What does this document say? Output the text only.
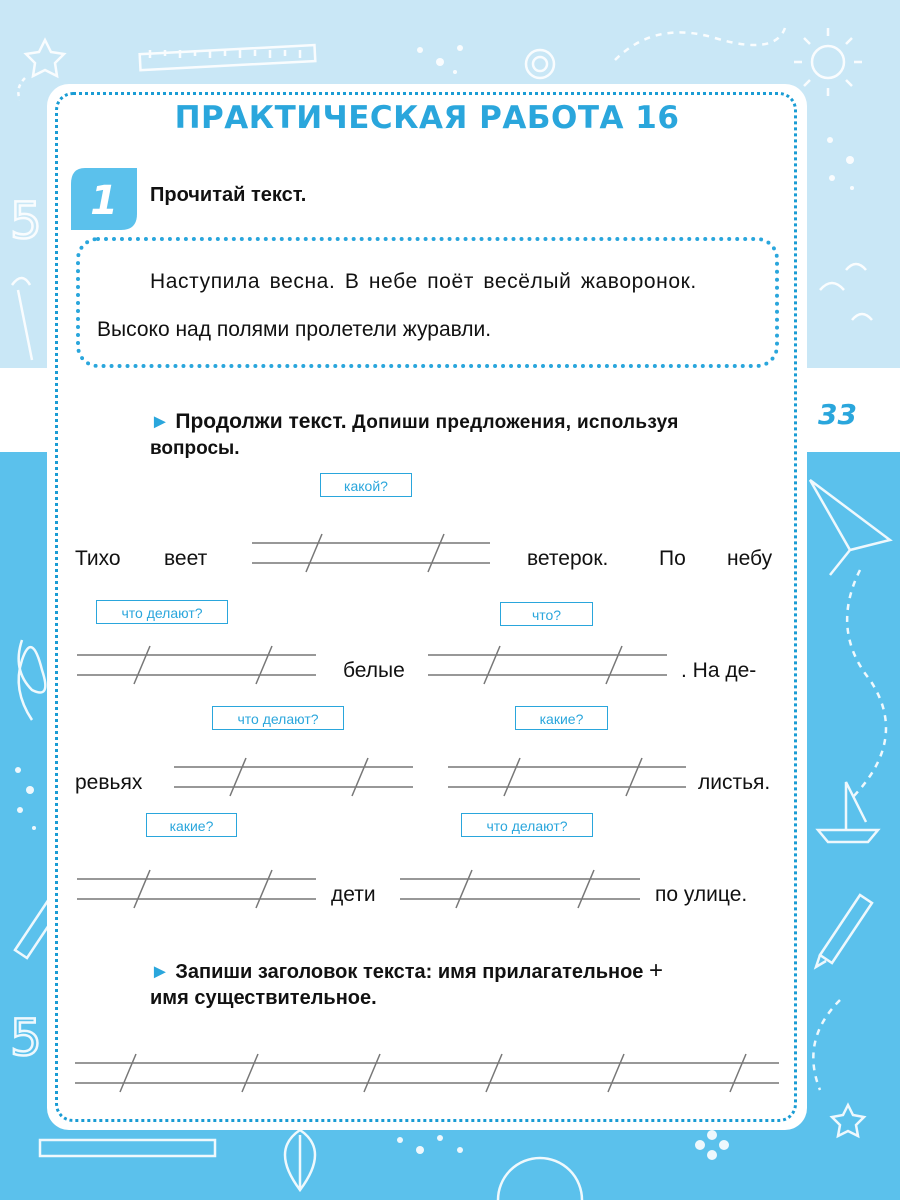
5
5
ПРАКТИЧЕСКАЯ РАБОТА 16
1 Прочитай текст.
Наступила весна. В небе поёт весёлый жаворонок.
Высоко над полями пролетели журавли.
33
► Продолжи текст. Допиши предложения, используя
вопросы.
какой?
что делают?	что?
что делают?	какие?
какие?	что делают?
Тихо веет	ветерок. По небу
белые	. На де-
ревьях	листья.
дети	по улице.
► Запиши заголовок текста: имя прилагательное +
имя существительное.
